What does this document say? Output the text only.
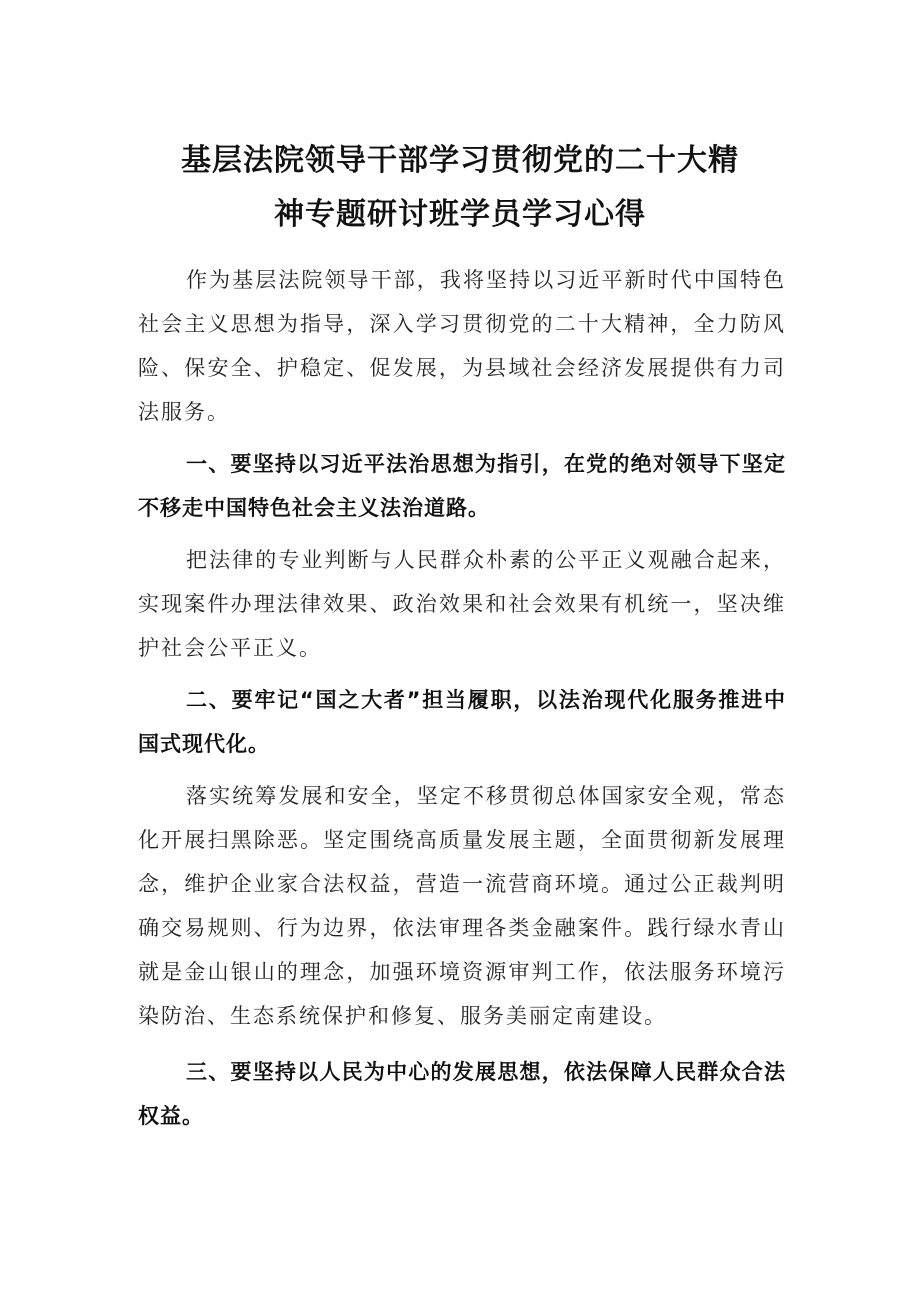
基层法院领导干部学习贯彻党的二十大精
神专题研讨班学员学习心得

作为基层法院领导干部，我将坚持以习近平新时代中国特色社会主义思想为指导，深入学习贯彻党的二十大精神，全力防风险、保安全、护稳定、促发展，为县域社会经济发展提供有力司法服务。

一、要坚持以习近平法治思想为指引，在党的绝对领导下坚定不移走中国特色社会主义法治道路。

把法律的专业判断与人民群众朴素的公平正义观融合起来，实现案件办理法律效果、政治效果和社会效果有机统一，坚决维护社会公平正义。

二、要牢记“国之大者”担当履职，以法治现代化服务推进中国式现代化。

落实统筹发展和安全，坚定不移贯彻总体国家安全观，常态化开展扫黑除恶。坚定围绕高质量发展主题，全面贯彻新发展理念，维护企业家合法权益，营造一流营商环境。通过公正裁判明确交易规则、行为边界，依法审理各类金融案件。践行绿水青山就是金山银山的理念，加强环境资源审判工作，依法服务环境污染防治、生态系统保护和修复、服务美丽定南建设。

三、要坚持以人民为中心的发展思想，依法保障人民群众合法权益。
